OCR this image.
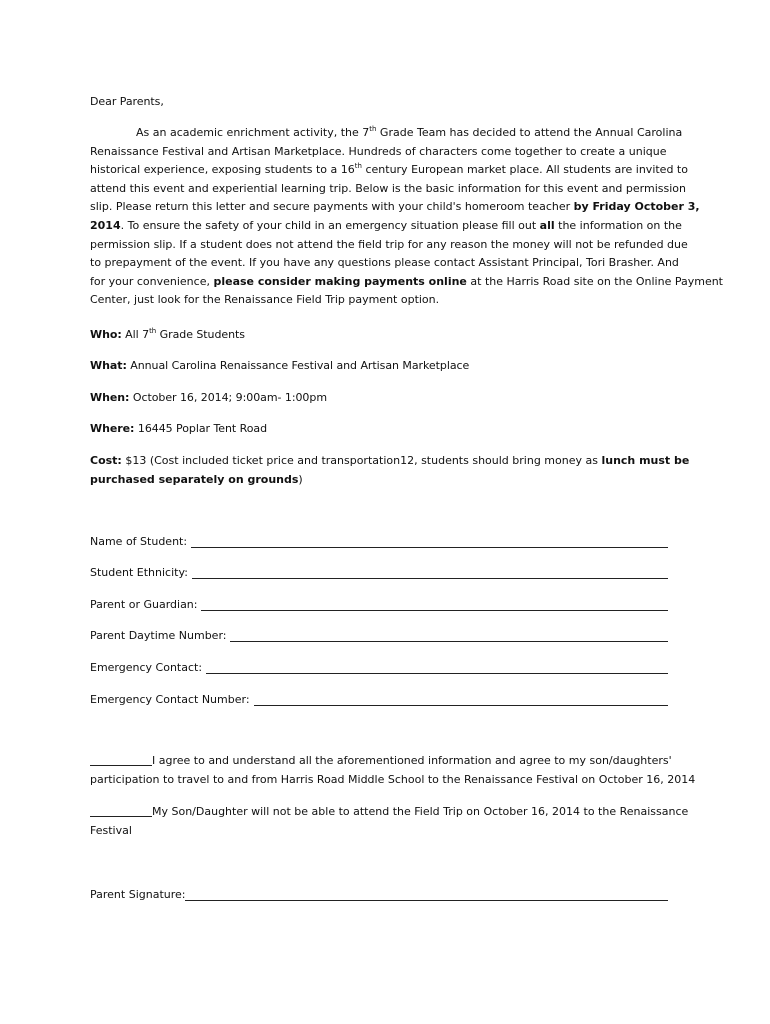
Dear Parents,
As an academic enrichment activity, the 7th Grade Team has decided to attend the Annual Carolina
Renaissance Festival and Artisan Marketplace. Hundreds of characters come together to create a unique
historical experience, exposing students to a 16th century European market place. All students are invited to
attend this event and experiential learning trip. Below is the basic information for this event and permission
slip. Please return this letter and secure payments with your child's homeroom teacher by Friday October 3,
2014. To ensure the safety of your child in an emergency situation please fill out all the information on the
permission slip. If a student does not attend the field trip for any reason the money will not be refunded due
to prepayment of the event. If you have any questions please contact Assistant Principal, Tori Brasher. And
for your convenience, please consider making payments online at the Harris Road site on the Online Payment
Center, just look for the Renaissance Field Trip payment option.
Who: All 7th Grade Students
What: Annual Carolina Renaissance Festival and Artisan Marketplace
When: October 16, 2014; 9:00am- 1:00pm
Where: 16445 Poplar Tent Road
Cost: $13 (Cost included ticket price and transportation12, students should bring money as lunch must be
purchased separately on grounds)
Name of Student:
Student Ethnicity:
Parent or Guardian:
Parent Daytime Number:
Emergency Contact:
Emergency Contact Number:
I agree to and understand all the aforementioned information and agree to my son/daughters'
participation to travel to and from Harris Road Middle School to the Renaissance Festival on October 16, 2014
My Son/Daughter will not be able to attend the Field Trip on October 16, 2014 to the Renaissance
Festival
Parent Signature:
